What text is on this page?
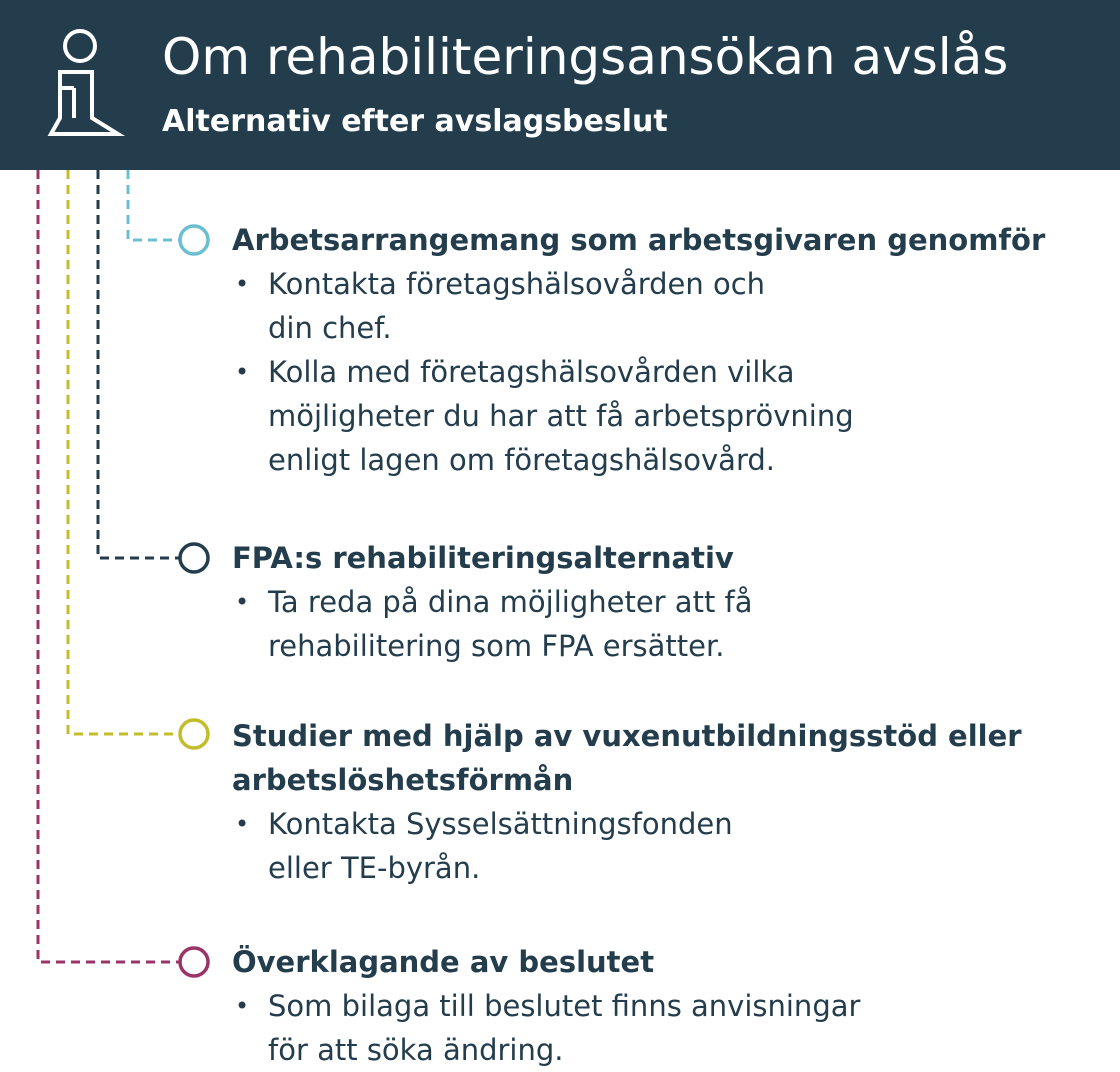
Om rehabiliteringsansökan avslås
Alternativ efter avslagsbeslut
Arbetsarrangemang som arbetsgivaren genomför
• Kontakta företagshälsovården och
din chef.
• Kolla med företagshälsovården vilka
möjligheter du har att få arbetsprövning
enligt lagen om företagshälsovård.
FPA:s rehabiliteringsalternativ
• Ta reda på dina möjligheter att få
rehabilitering som FPA ersätter.
Studier med hjälp av vuxenutbildningsstöd eller
arbetslöshetsförmån
• Kontakta Sysselsättningsfonden
eller TE-byrån.
Överklagande av beslutet
• Som bilaga till beslutet finns anvisningar
för att söka ändring.
